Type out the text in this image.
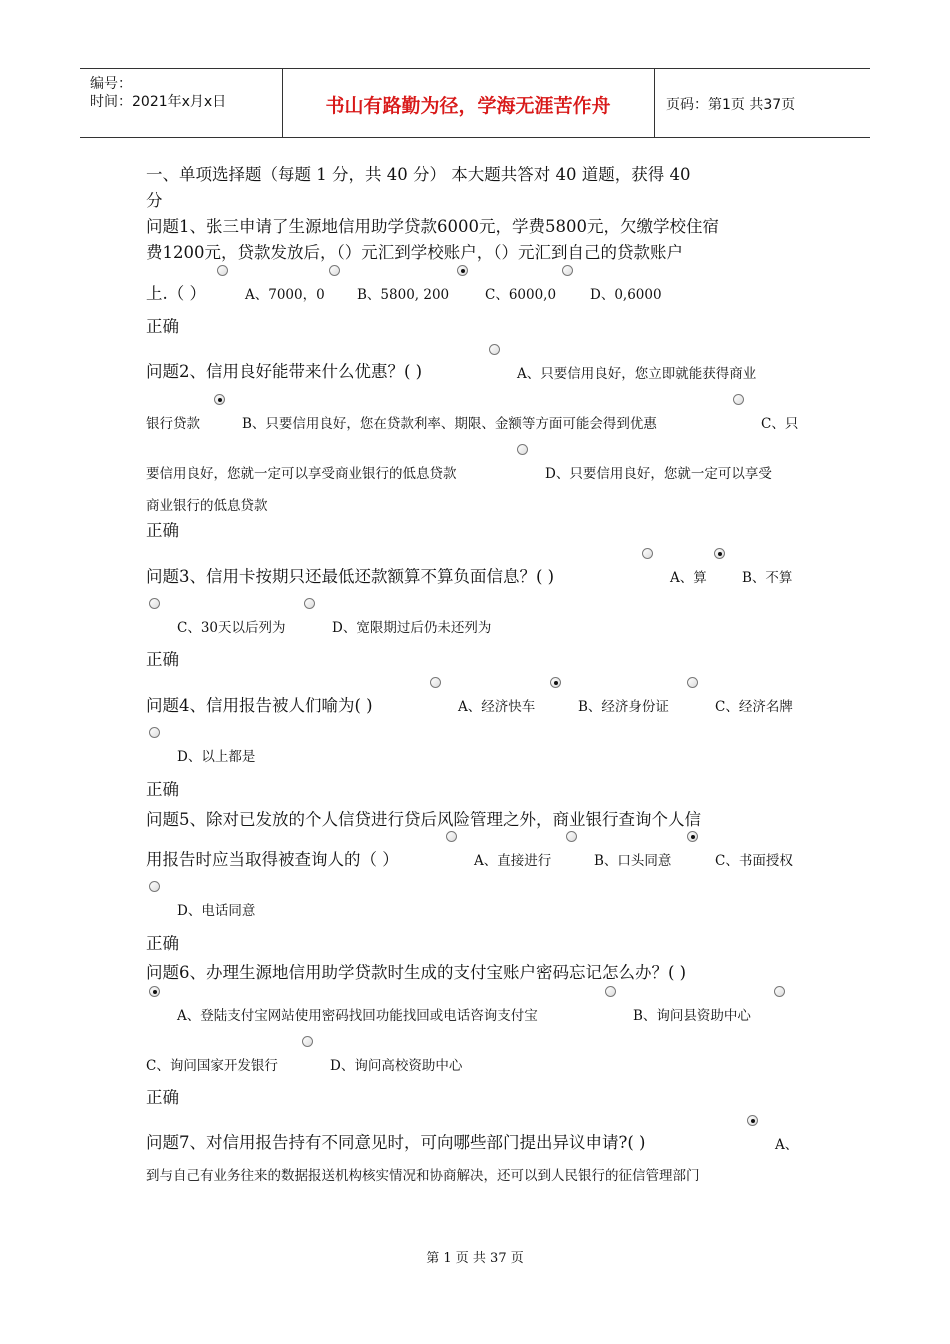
编号：
时间：2021年x月x日	书山有路勤为径，学海无涯苦作舟	页码：第1页 共37页
一、单项选择题（每题 1 分，共 40 分） 本大题共答对 40 道题，获得 40
分
问题1、张三申请了生源地信用助学贷款6000元，学费5800元，欠缴学校住宿
费1200元，贷款发放后，（）元汇到学校账户，（）元汇到自己的贷款账户
上.（ ）	A、7000，0 B、5800, 200	C、6000,0	D、0,6000
正确
问题2、信用良好能带来什么优惠？( )	A、只要信用良好，您立即就能获得商业
银行贷款	B、只要信用良好，您在贷款利率、期限、金额等方面可能会得到优惠	C、只
要信用良好，您就一定可以享受商业银行的低息贷款	D、只要信用良好，您就一定可以享受
商业银行的低息贷款
正确
问题3、信用卡按期只还最低还款额算不算负面信息？( )	A、算	B、不算
C、30天以后列为	D、宽限期过后仍未还列为
正确
问题4、信用报告被人们喻为( )	A、经济快车	B、经济身份证	C、经济名牌
D、以上都是
正确
问题5、除对已发放的个人信贷进行贷后风险管理之外，商业银行查询个人信
用报告时应当取得被查询人的（ ）	A、直接进行	B、口头同意	C、书面授权
D、电话同意
正确
问题6、办理生源地信用助学贷款时生成的支付宝账户密码忘记怎么办？( )
A、登陆支付宝网站使用密码找回功能找回或电话咨询支付宝	B、询问县资助中心
C、询问国家开发银行	D、询问高校资助中心
正确
问题7、对信用报告持有不同意见时，可向哪些部门提出异议申请?( )	A、
到与自己有业务往来的数据报送机构核实情况和协商解决，还可以到人民银行的征信管理部门
第 1 页 共 37 页
